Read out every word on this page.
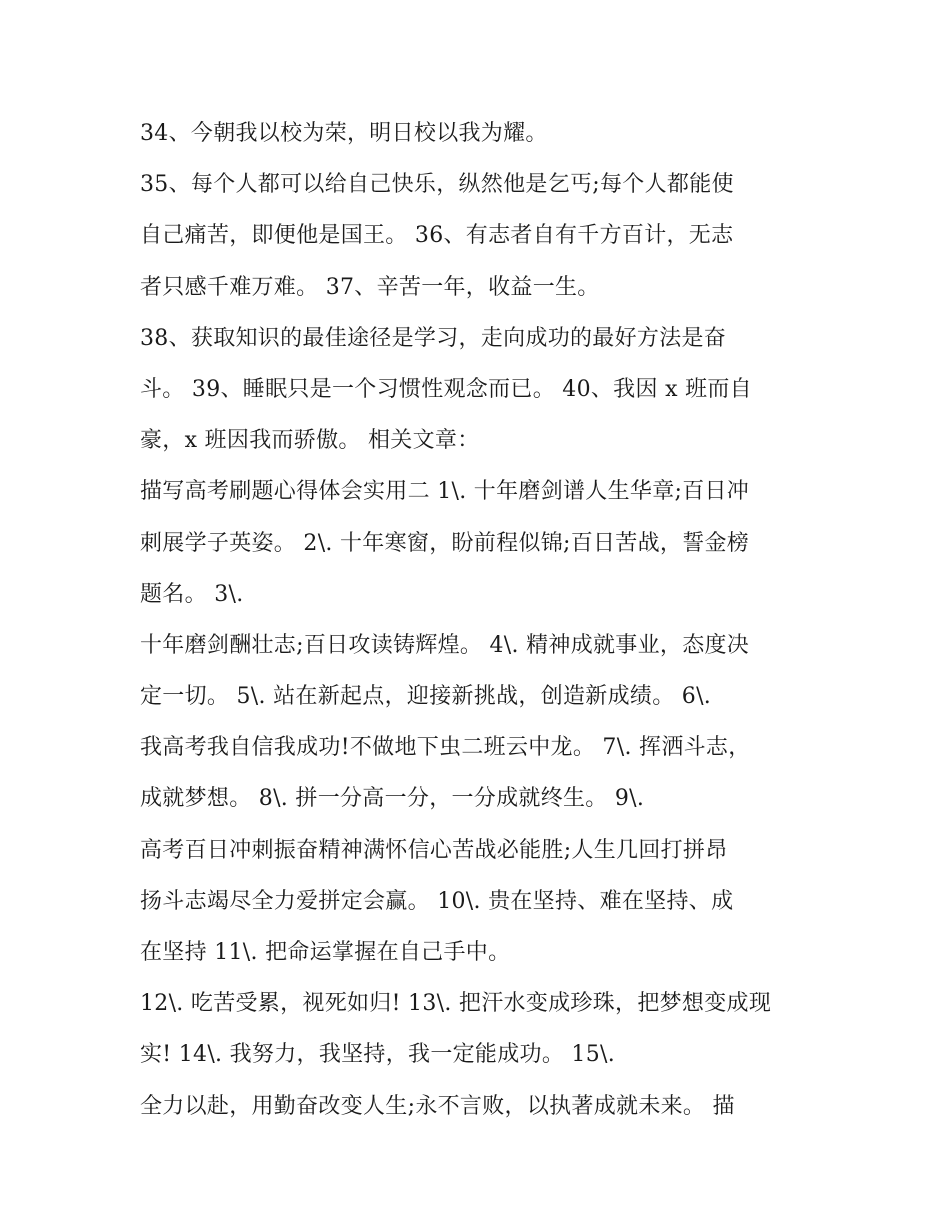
34、今朝我以校为荣，明日校以我为耀。
35、每个人都可以给自己快乐，纵然他是乞丐;每个人都能使
自己痛苦，即便他是国王。 36、有志者自有千方百计，无志
者只感千难万难。 37、辛苦一年，收益一生。
38、获取知识的最佳途径是学习，走向成功的最好方法是奋
斗。 39、睡眠只是一个习惯性观念而已。 40、我因 x 班而自
豪，x 班因我而骄傲。 相关文章：
描写高考刷题心得体会实用二 1\. 十年磨剑谱人生华章;百日冲
刺展学子英姿。 2\. 十年寒窗，盼前程似锦;百日苦战，誓金榜
题名。 3\.
十年磨剑酬壮志;百日攻读铸辉煌。 4\. 精神成就事业，态度决
定一切。 5\. 站在新起点，迎接新挑战，创造新成绩。 6\.
我高考我自信我成功!不做地下虫二班云中龙。 7\. 挥洒斗志，
成就梦想。 8\. 拼一分高一分，一分成就终生。 9\.
高考百日冲刺振奋精神满怀信心苦战必能胜;人生几回打拼昂
扬斗志竭尽全力爱拼定会赢。 10\. 贵在坚持、难在坚持、成
在坚持 11\. 把命运掌握在自己手中。
12\. 吃苦受累，视死如归! 13\. 把汗水变成珍珠，把梦想变成现
实! 14\. 我努力，我坚持，我一定能成功。 15\.
全力以赴，用勤奋改变人生;永不言败，以执著成就未来。 描
